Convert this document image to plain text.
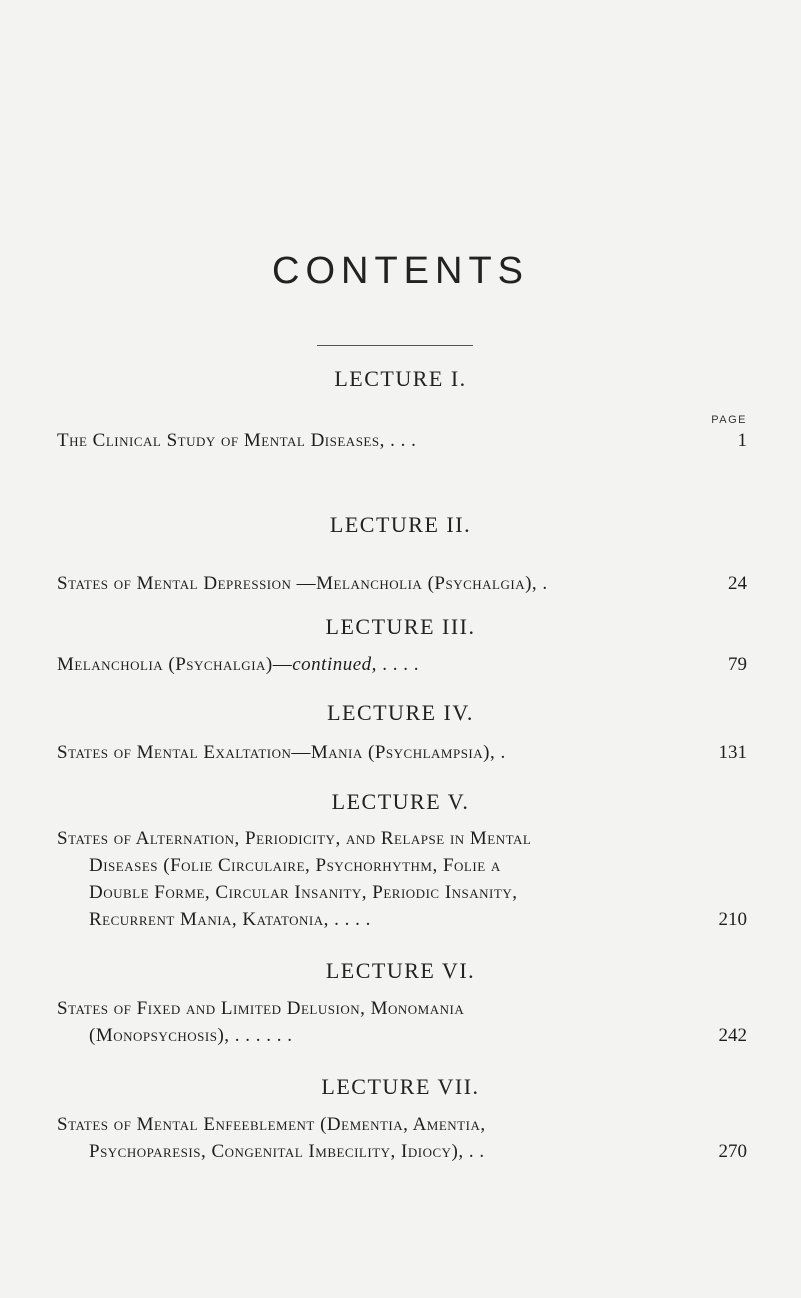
CONTENTS
LECTURE I.
PAGE
The Clinical Study of Mental Diseases, . . .	1
LECTURE II.
States of Mental Depression —Melancholia (Psychalgia), .	24
LECTURE III.
Melancholia (Psychalgia)—continued, . . . .	79
LECTURE IV.
States of Mental Exaltation—Mania (Psychlampsia), .	131
LECTURE V.
States of Alternation, Periodicity, and Relapse in Mental
Diseases (Folie Circulaire, Psychorhythm, Folie a
Double Forme, Circular Insanity, Periodic Insanity,
Recurrent Mania, Katatonia, . . . .	210
LECTURE VI.
States of Fixed and Limited Delusion, Monomania
(Monopsychosis), . . . . . .	242
LECTURE VII.
States of Mental Enfeeblement (Dementia, Amentia,
Psychoparesis, Congenital Imbecility, Idiocy), . .	270
